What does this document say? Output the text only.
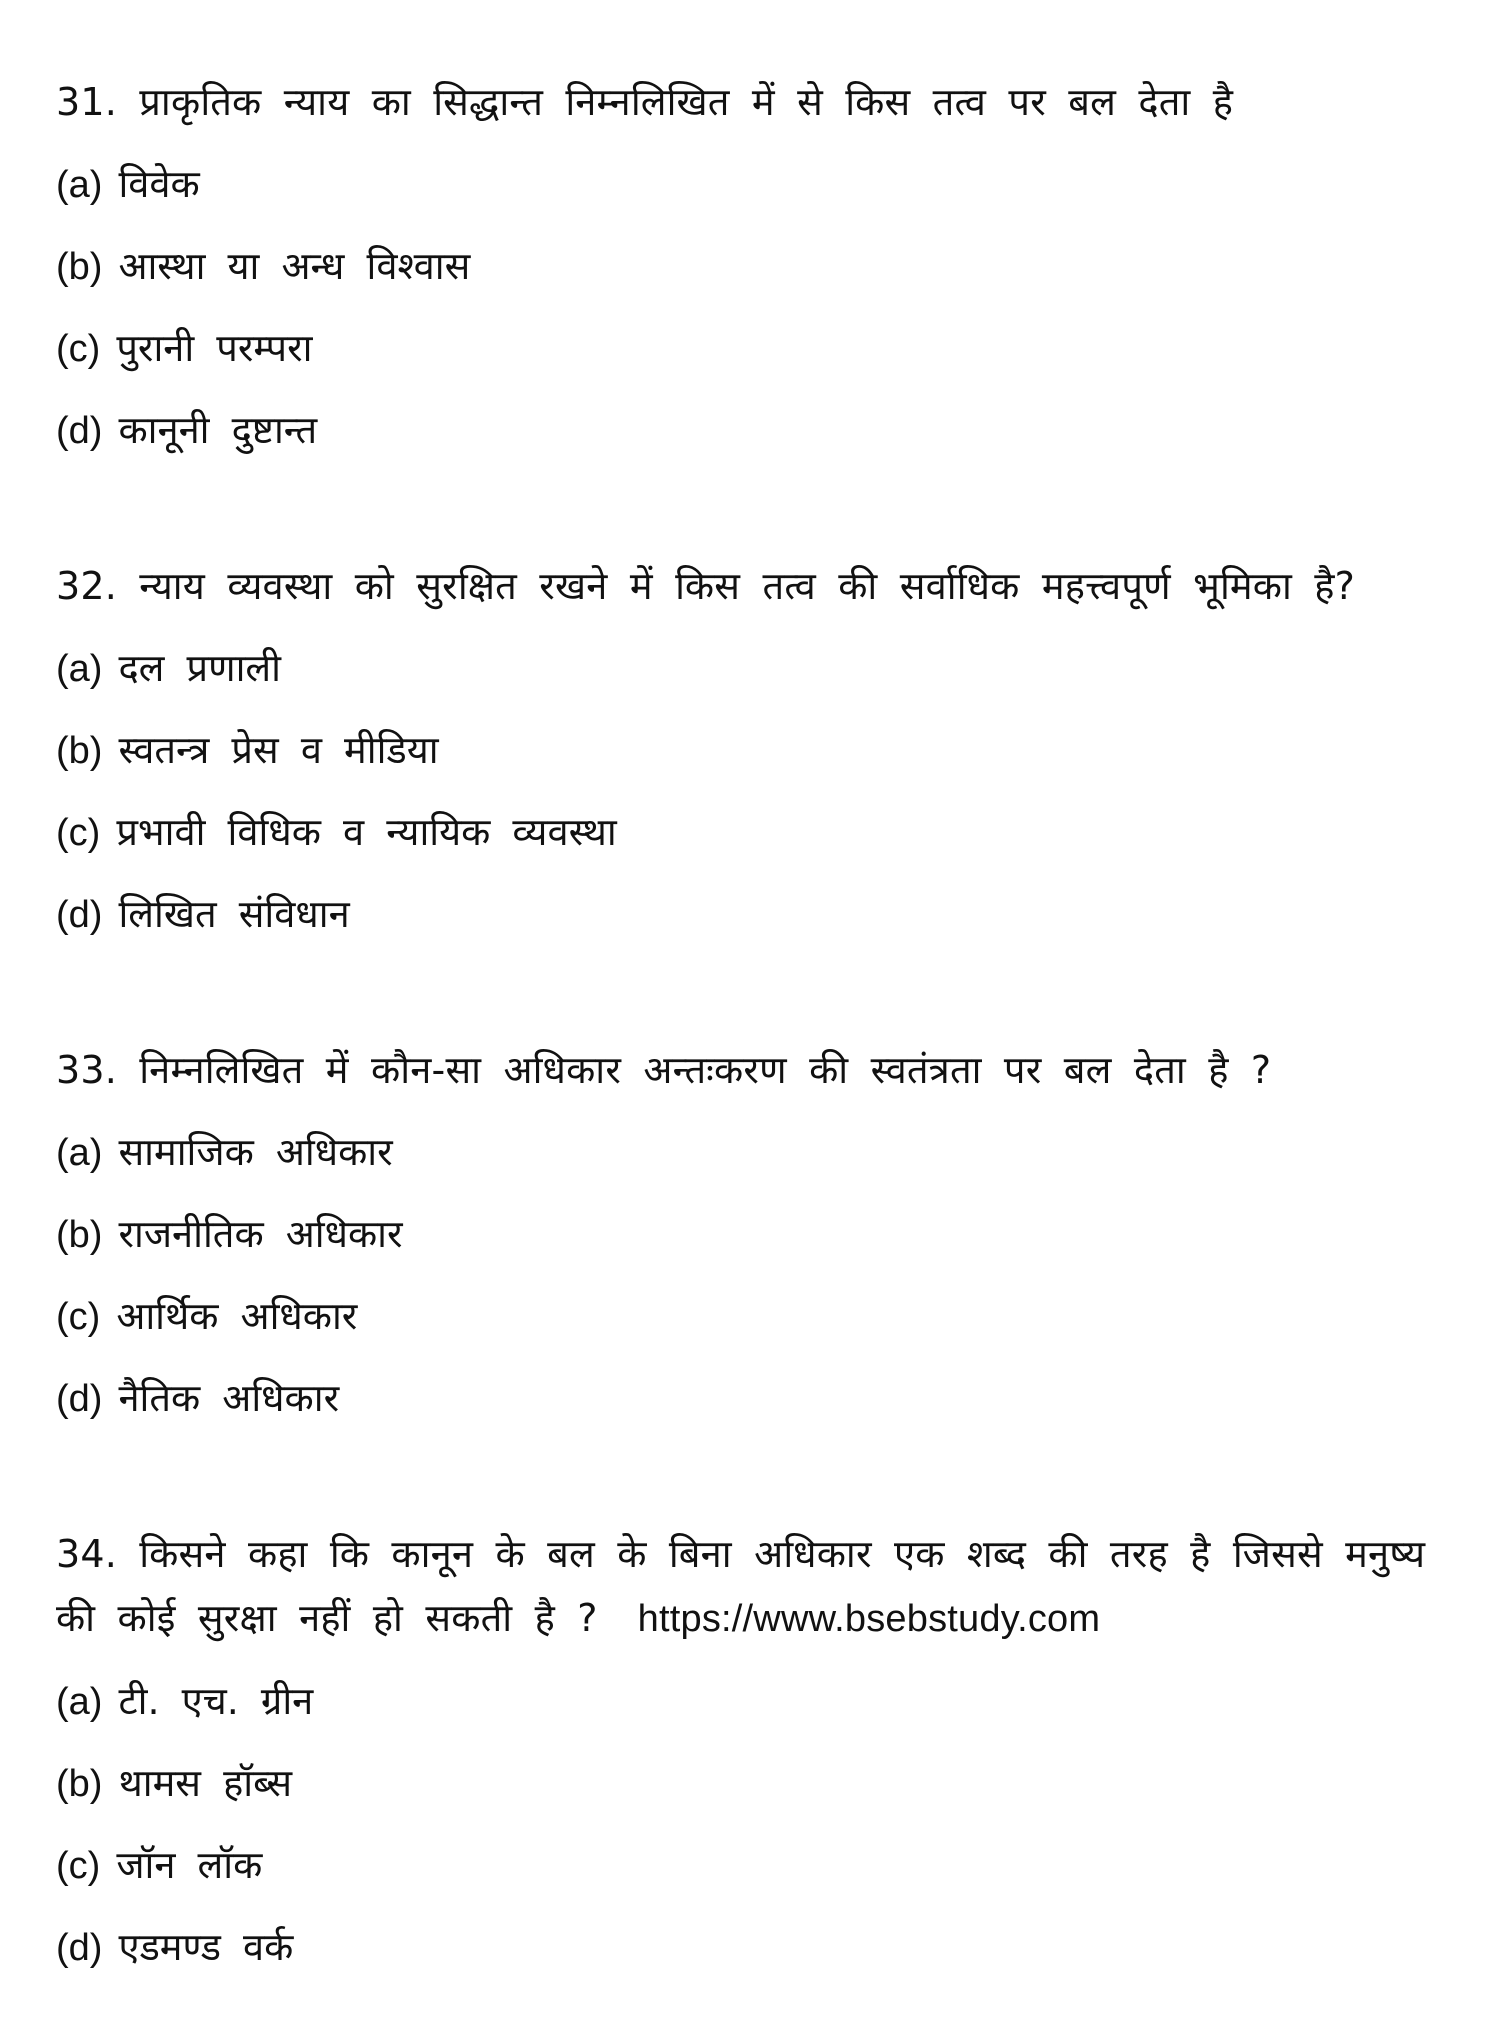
31. प्राकृतिक न्याय का सिद्धान्त निम्नलिखित में से किस तत्व पर बल देता है

(a) विवेक
(b) आस्था या अन्ध विश्वास
(c) पुरानी परम्परा
(d) कानूनी दुष्टान्त

32. न्याय व्यवस्था को सुरक्षित रखने में किस तत्व की सर्वाधिक महत्त्वपूर्ण भूमिका है?

(a) दल प्रणाली
(b) स्वतन्त्र प्रेस व मीडिया
(c) प्रभावी विधिक व न्यायिक व्यवस्था
(d) लिखित संविधान

33. निम्नलिखित में कौन-सा अधिकार अन्तःकरण की स्वतंत्रता पर बल देता है ?

(a) सामाजिक अधिकार
(b) राजनीतिक अधिकार
(c) आर्थिक अधिकार
(d) नैतिक अधिकार

34. किसने कहा कि कानून के बल के बिना अधिकार एक शब्द की तरह है जिससे मनुष्य की कोई सुरक्षा नहीं हो सकती है ? https://www.bsebstudy.com

(a) टी. एच. ग्रीन
(b) थामस हॉब्स
(c) जॉन लॉक
(d) एडमण्ड वर्क
